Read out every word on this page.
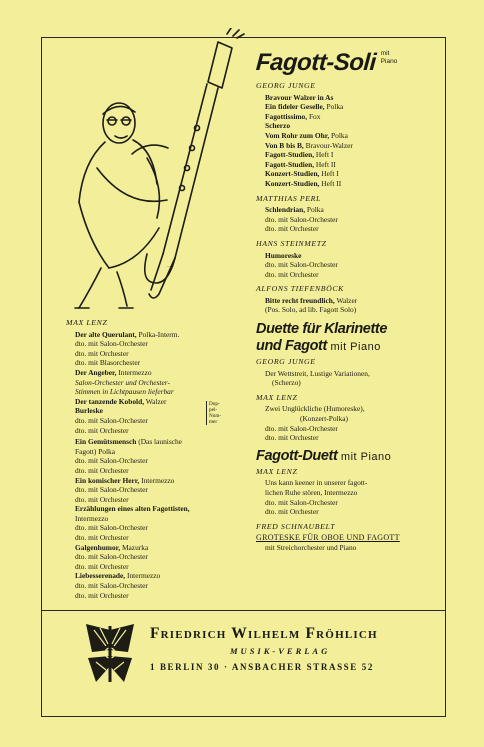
~~~
Fagott-Soli mit
Piano
GEORG JUNGE
Bravour Walzer in As
Ein fideler Geselle, Polka
Fagottissimo, Fox
Scherzo
Vom Rohr zum Ohr, Polka
Von B bis B, Bravour-Walzer
Fagott-Studien, Heft I
Fagott-Studien, Heft II
Konzert-Studien, Heft I
Konzert-Studien, Heft II
MATTHIAS PERL
Schlendrian, Polka
dto. mit Salon-Orchester
dto. mit Orchester
HANS STEINMETZ
Humoreske
dto. mit Salon-Orchester
dto. mit Orchester
ALFONS TIEFENBÖCK
Bitte recht freundlich, Walzer
(Pos. Solo, ad lib. Fagott Solo)
Duette für Klarinette
und Fagott mit Piano
GEORG JUNGE
Der Wettstreit, Lustige Variationen,
(Scherzo)
MAX LENZ
Zwei Unglückliche (Humoreske),
(Konzert-Polka)
dto. mit Salon-Orchester
dto. mit Orchester
Fagott-Duett mit Piano
MAX LENZ
Uns kann keener in unserer fagott-
lichen Ruhe stören, Intermezzo
dto. mit Salon-Orchester
dto. mit Orchester
FRED SCHNAUBELT
GROTESKE FÜR OBOE UND FAGOTT
mit Streichorchester und Piano
MAX LENZ
Der alte Querulant, Polka-Interm.
dto. mit Salon-Orchester
dto. mit Orchester
dto. mit Blasorchester
Der Angeber, Intermezzo
Salon-Orchester und Orchester-
Stimmen in Lichtpausen lieferbar
Der tanzende Kobold, Walzer
Burleske
dto. mit Salon-Orchester
dto. mit Orchester
Dop-
pel-
Num-
mer
Ein Gemütsmensch (Das launische
Fagott) Polka
dto. mit Salon-Orchester
dto. mit Orchester
Ein komischer Herr, Intermezzo
dto. mit Salon-Orchester
dto. mit Orchester
Erzählungen eines alten Fagottisten,
Intermezzo
dto. mit Salon-Orchester
dto. mit Orchester
Galgenhumor, Mazurka
dto. mit Salon-Orchester
dto. mit Orchester
Liebesserenade, Intermezzo
dto. mit Salon-Orchester
dto. mit Orchester
Friedrich Wilhelm Fröhlich
MUSIK-VERLAG
1 BERLIN 30 · ANSBACHER STRASSE 52
